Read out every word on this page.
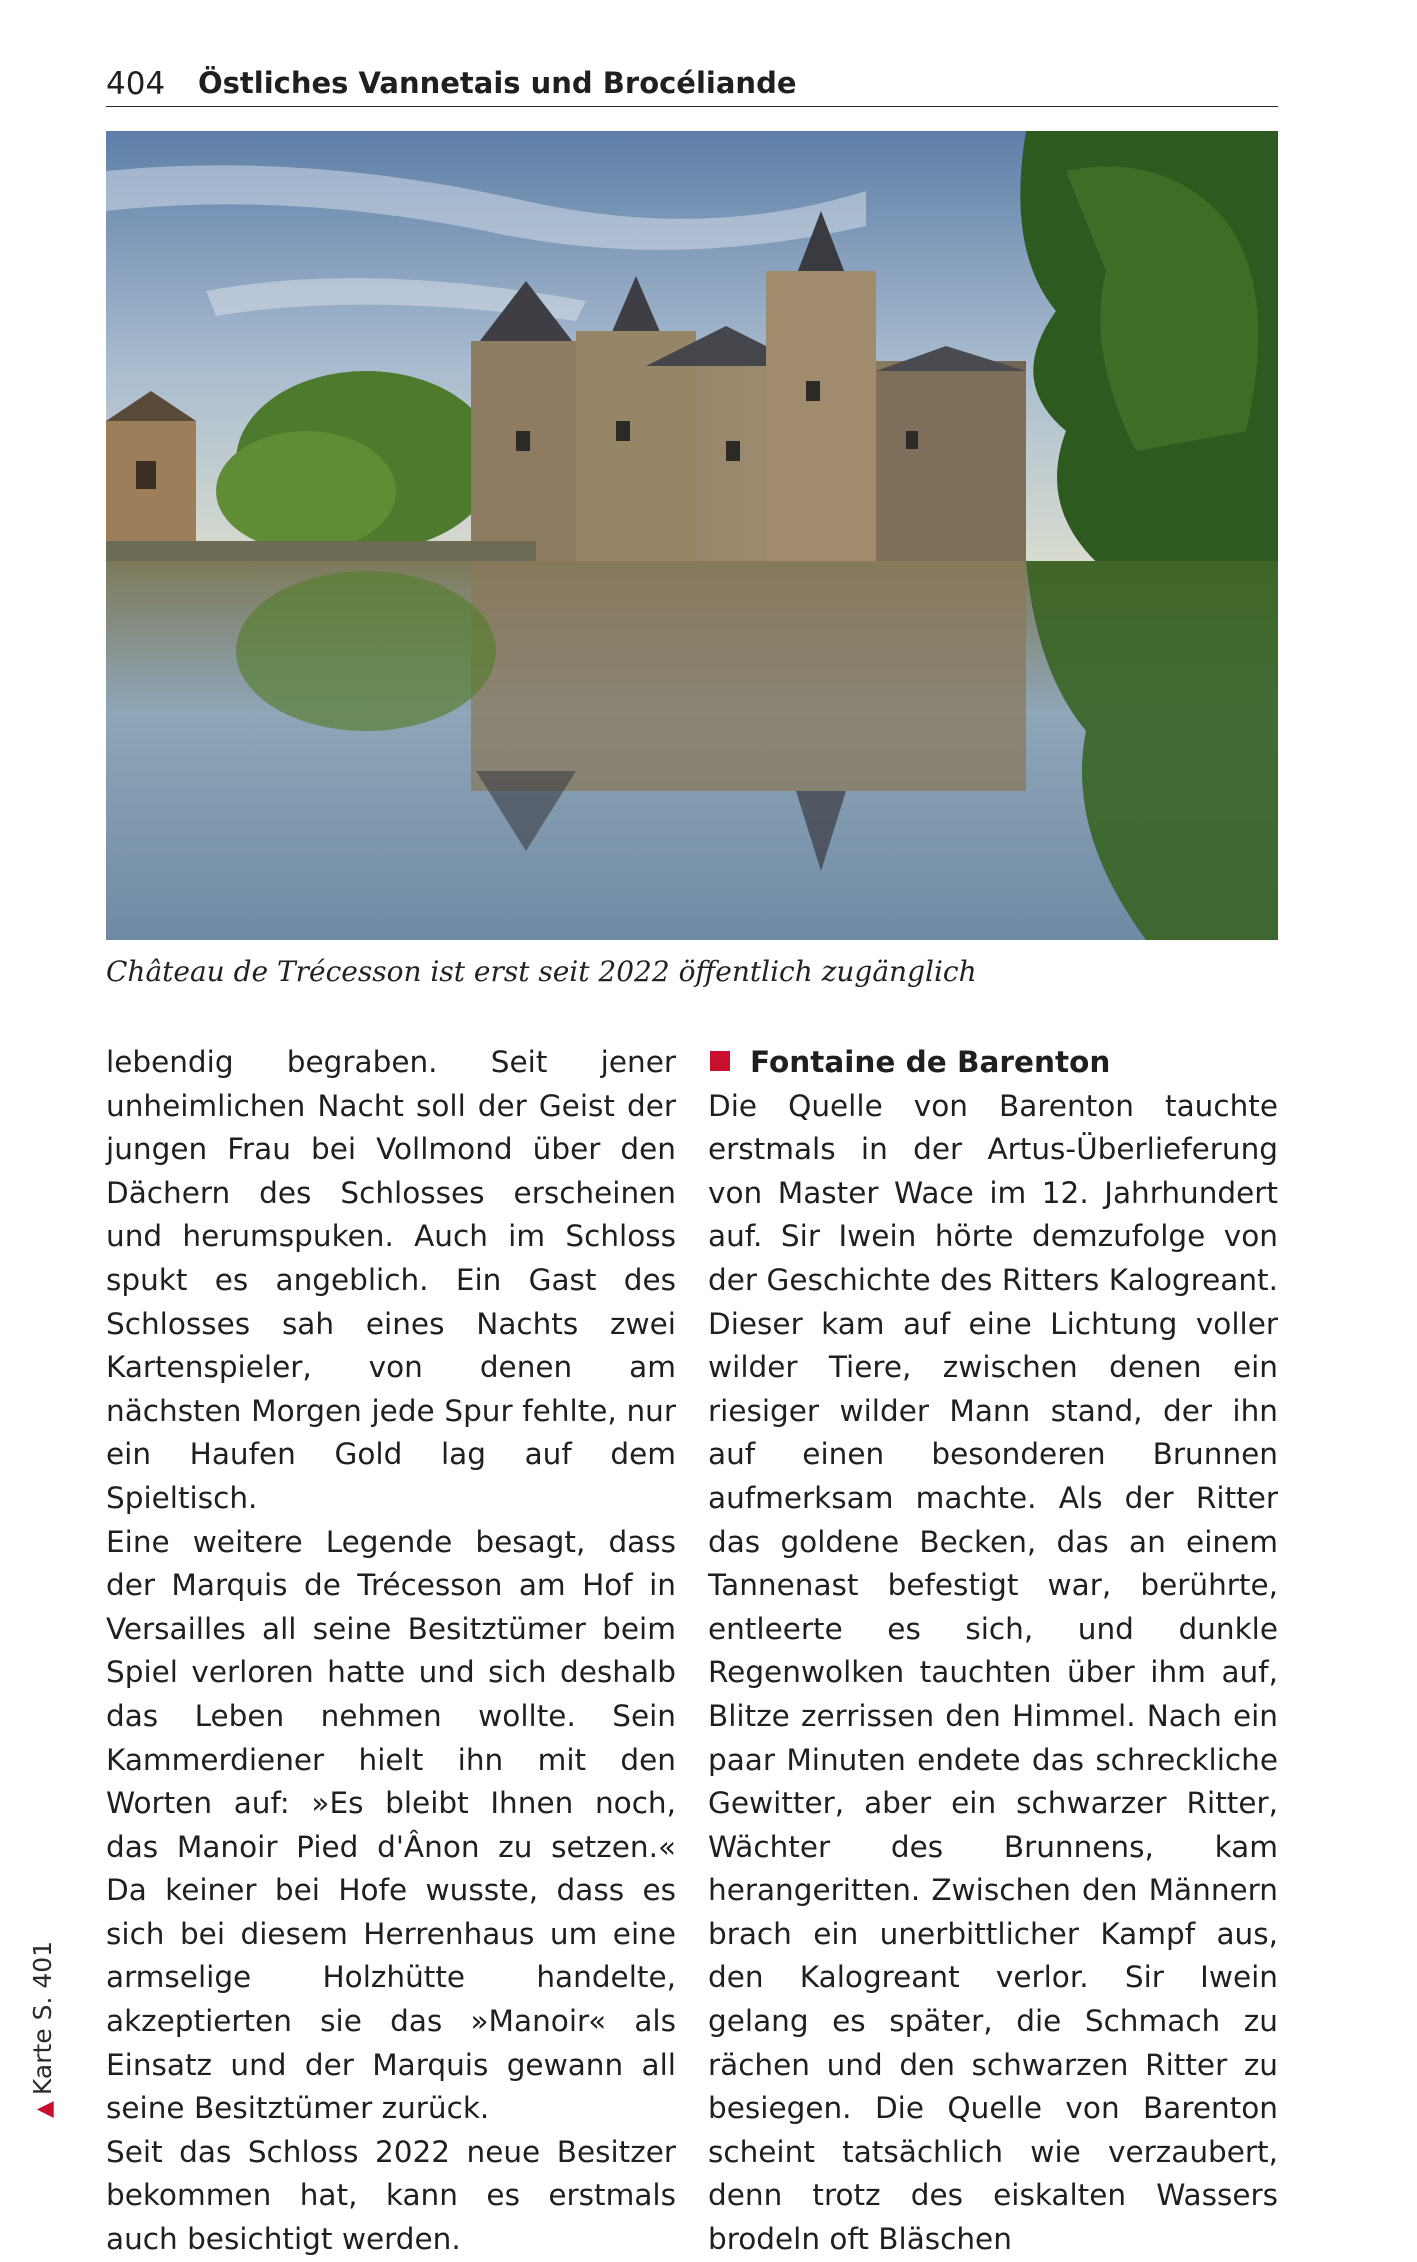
404 Östliches Vannetais und Brocéliande
Château de Trécesson ist erst seit 2022 öffentlich zugänglich

lebendig begraben. Seit jener unheimlichen Nacht soll der Geist der jungen Frau bei Vollmond über den Dächern des Schlosses erscheinen und herumspuken. Auch im Schloss spukt es angeblich. Ein Gast des Schlosses sah eines Nachts zwei Kartenspieler, von denen am nächsten Morgen jede Spur fehlte, nur ein Haufen Gold lag auf dem Spieltisch.

Eine weitere Legende besagt, dass der Marquis de Trécesson am Hof in Versailles all seine Besitztümer beim Spiel verloren hatte und sich deshalb das Leben nehmen wollte. Sein Kammerdiener hielt ihn mit den Worten auf: »Es bleibt Ihnen noch, das Manoir Pied d'Ânon zu setzen.« Da keiner bei Hofe wusste, dass es sich bei diesem Herrenhaus um eine armselige Holzhütte handelte, akzeptierten sie das »Manoir« als Einsatz und der Marquis gewann all seine Besitztümer zurück.

Seit das Schloss 2022 neue Besitzer bekommen hat, kann es erstmals auch besichtigt werden.

Fontaine de Barenton

Die Quelle von Barenton tauchte erstmals in der Artus-Überlieferung von Master Wace im 12. Jahrhundert auf. Sir Iwein hörte demzufolge von der Geschichte des Ritters Kalogreant. Dieser kam auf eine Lichtung voller wilder Tiere, zwischen denen ein riesiger wilder Mann stand, der ihn auf einen besonderen Brunnen aufmerksam machte. Als der Ritter das goldene Becken, das an einem Tannenast befestigt war, berührte, entleerte es sich, und dunkle Regenwolken tauchten über ihm auf, Blitze zerrissen den Himmel. Nach ein paar Minuten endete das schreckliche Gewitter, aber ein schwarzer Ritter, Wächter des Brunnens, kam herangeritten. Zwischen den Männern brach ein unerbittlicher Kampf aus, den Kalogreant verlor. Sir Iwein gelang es später, die Schmach zu rächen und den schwarzen Ritter zu besiegen. Die Quelle von Barenton scheint tatsächlich wie verzaubert, denn trotz des eiskalten Wassers brodeln oft Bläschen

▲Karte S. 401
